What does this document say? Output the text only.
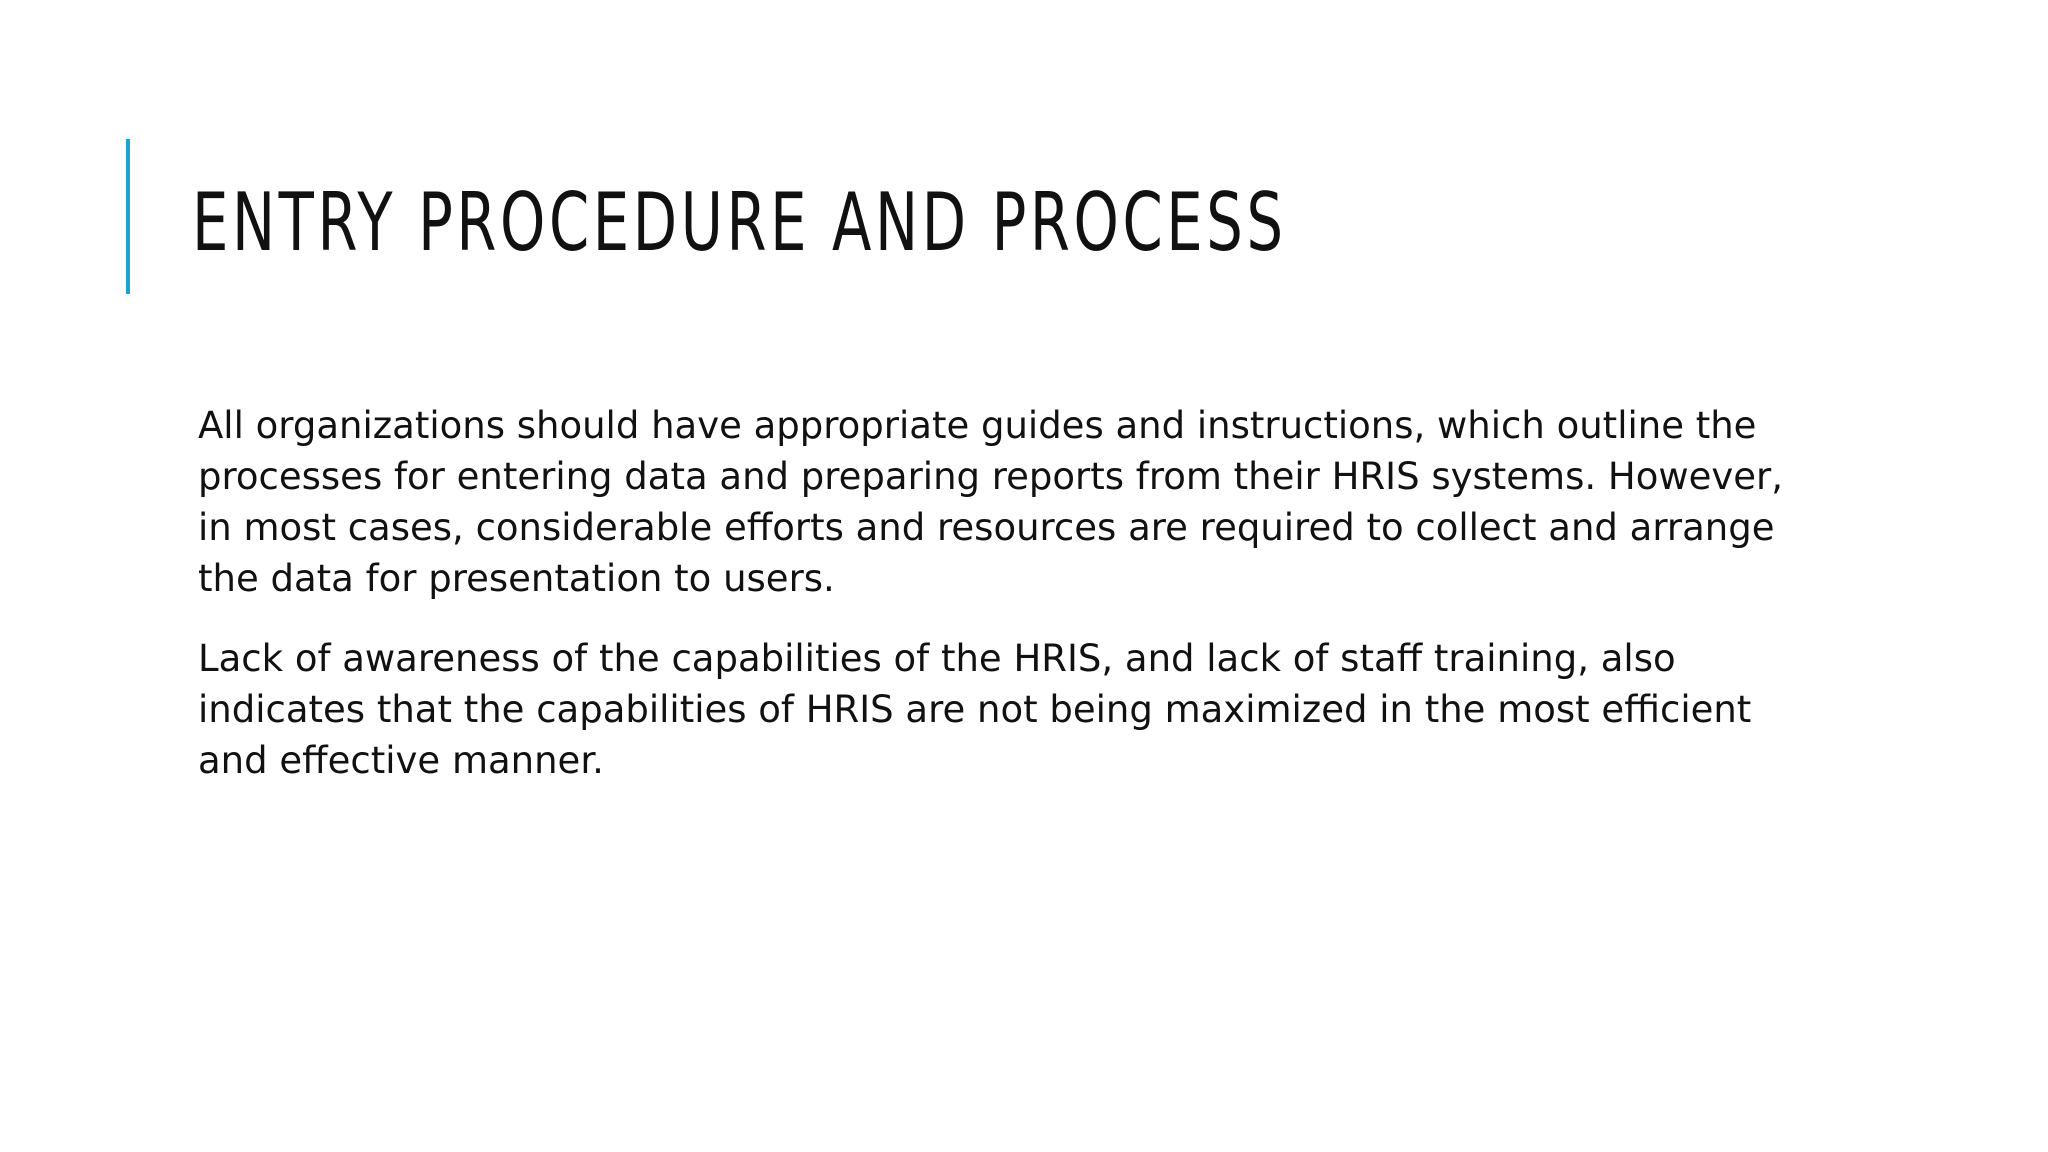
ENTRY PROCEDURE AND PROCESS

All organizations should have appropriate guides and instructions, which outline the processes for entering data and preparing reports from their HRIS systems. However, in most cases, considerable efforts and resources are required to collect and arrange the data for presentation to users.

Lack of awareness of the capabilities of the HRIS, and lack of staff training, also indicates that the capabilities of HRIS are not being maximized in the most efficient and effective manner.
